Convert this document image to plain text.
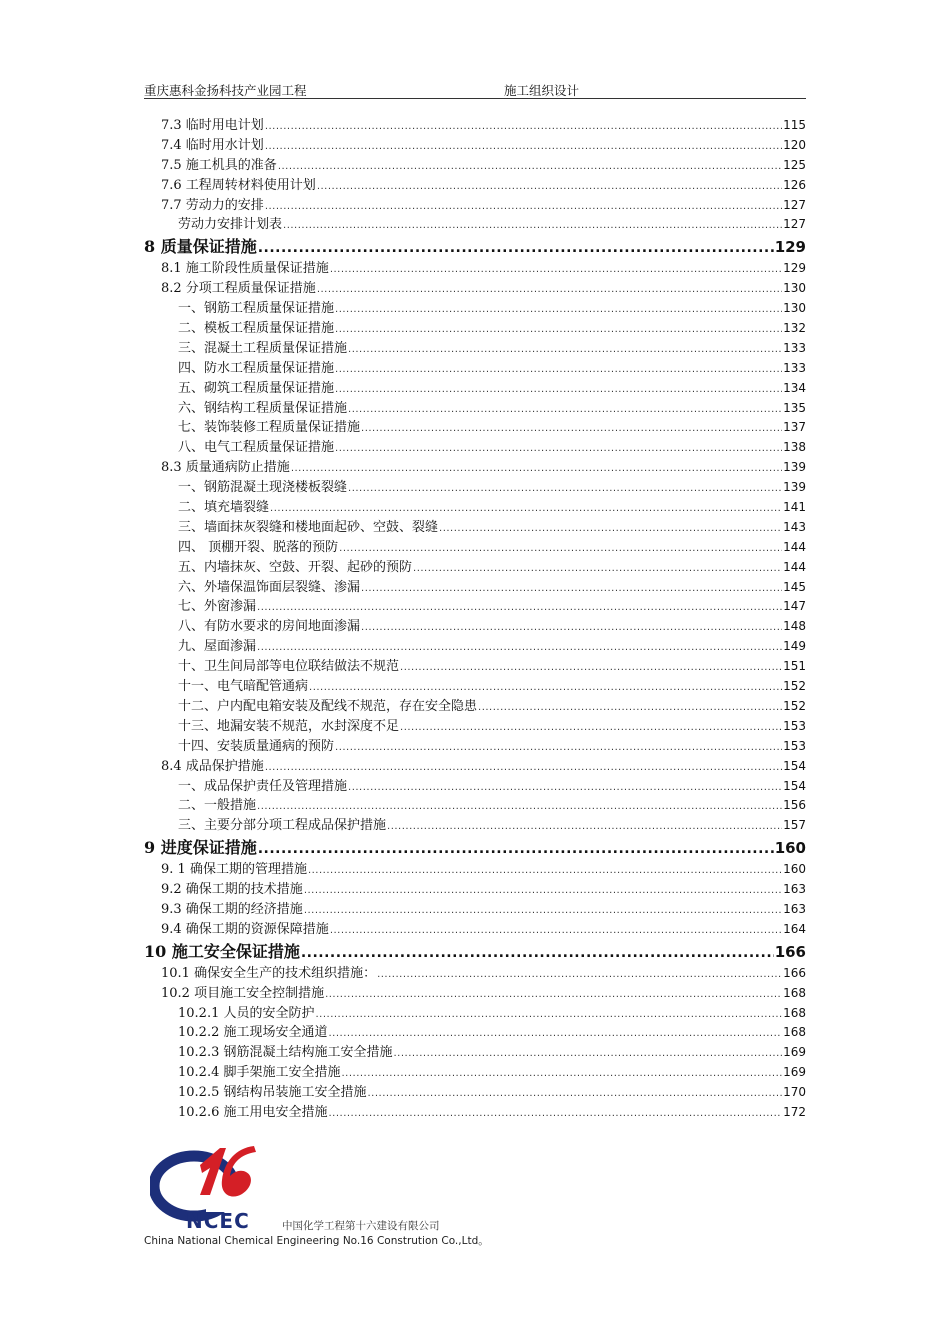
重庆惠科金扬科技产业园工程	施工组织设计
7.3 临时用电计划 .....	115
7.4 临时用水计划 .....	120
7.5 施工机具的准备 .....	125
7.6 工程周转材料使用计划 .....	126
7.7 劳动力的安排 .....	127
劳动力安排计划表 .....	127
8 质量保证措施 .....	129
8.1 施工阶段性质量保证措施 .....	129
8.2 分项工程质量保证措施 .....	130
一、钢筋工程质量保证措施 .....	130
二、模板工程质量保证措施 .....	132
三、混凝土工程质量保证措施 .....	133
四、防水工程质量保证措施 .....	133
五、砌筑工程质量保证措施 .....	134
六、钢结构工程质量保证措施 .....	135
七、装饰装修工程质量保证措施 .....	137
八、电气工程质量保证措施 .....	138
8.3 质量通病防止措施 .....	139
一、钢筋混凝土现浇楼板裂缝 .....	139
二、填充墙裂缝 .....	141
三、墙面抹灰裂缝和楼地面起砂、空鼓、裂缝 .....	143
四、 顶棚开裂、脱落的预防 .....	144
五、内墙抹灰、空鼓、开裂、起砂的预防 .....	144
六、外墙保温饰面层裂缝、渗漏 .....	145
七、外窗渗漏 .....	147
八、有防水要求的房间地面渗漏 .....	148
九、屋面渗漏 .....	149
十、卫生间局部等电位联结做法不规范 .....	151
十一、电气暗配管通病 .....	152
十二、户内配电箱安装及配线不规范，存在安全隐患 .....	152
十三、地漏安装不规范，水封深度不足 .....	153
十四、安装质量通病的预防 .....	153
8.4 成品保护措施 .....	154
一、成品保护责任及管理措施 .....	154
二、一般措施 .....	156
三、主要分部分项工程成品保护措施 .....	157
9 进度保证措施 .....	160
9. 1 确保工期的管理措施 .....	160
9.2 确保工期的技术措施 .....	163
9.3 确保工期的经济措施 .....	163
9.4 确保工期的资源保障措施 .....	164
10 施工安全保证措施 .....	166
10.1 确保安全生产的技术组织措施： .....	166
10.2 项目施工安全控制措施 .....	168
10.2.1 人员的安全防护 .....	168
10.2.2 施工现场安全通道 .....	168
10.2.3 钢筋混凝土结构施工安全措施 .....	169
10.2.4 脚手架施工安全措施 .....	169
10.2.5 钢结构吊装施工安全措施 .....	170
10.2.6 施工用电安全措施 .....	172
NCEC	中国化学工程第十六建设有限公司
China National Chemical Engineering No.16 Constrution Co.,Ltd。
